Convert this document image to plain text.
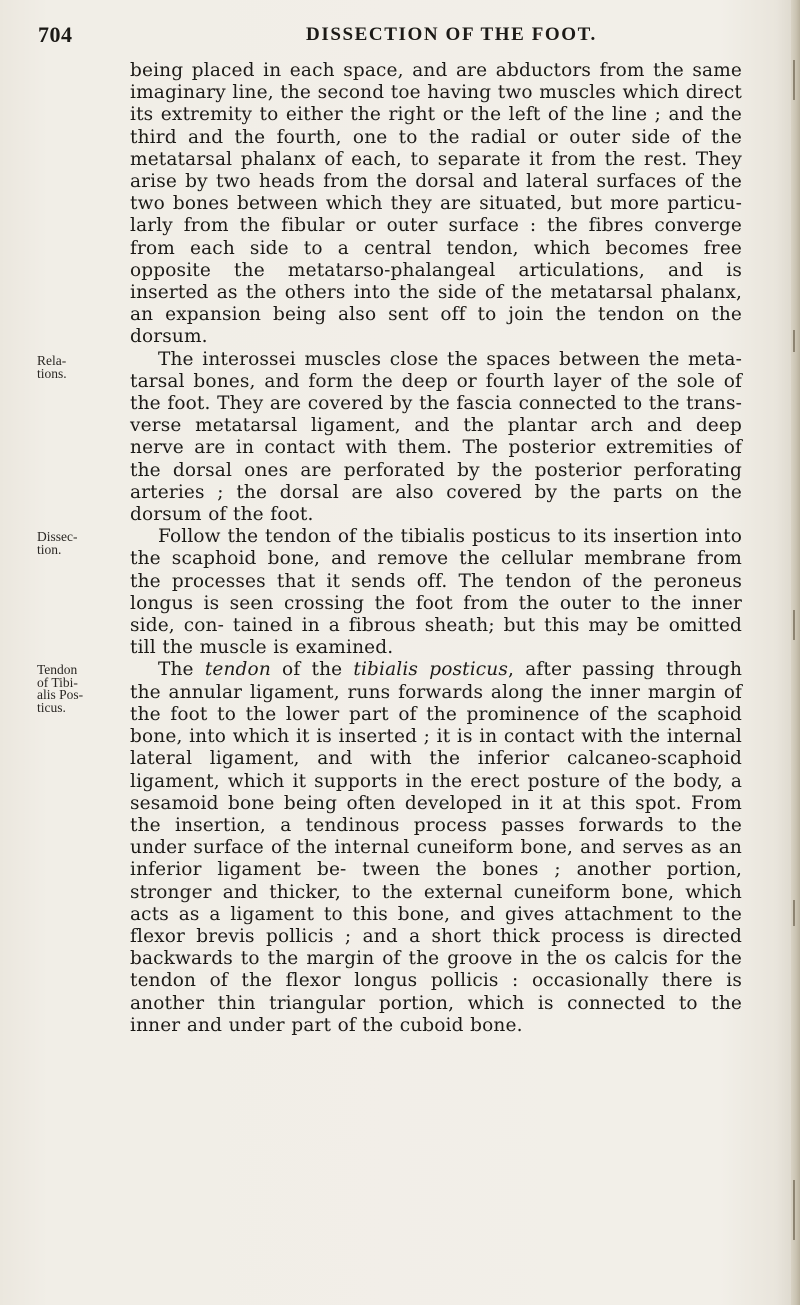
704	DISSECTION OF THE FOOT.
Rela-
tions.
Dissec-
tion.
Tendon
of Tibi-
alis Pos-
ticus.

being placed in each space, and are abductors from the same imaginary line, the second toe having two muscles which direct its extremity to either the right or the left of the line ; and the third and the fourth, one to the radial or outer side of the metatarsal phalanx of each, to separate it from the rest. They arise by two heads from the dorsal and lateral surfaces of the two bones between which they are situated, but more particu- larly from the fibular or outer surface : the fibres converge from each side to a central tendon, which becomes free opposite the metatarso-phalangeal articulations, and is inserted as the others into the side of the metatarsal phalanx, an expansion being also sent off to join the tendon on the dorsum.

The interossei muscles close the spaces between the meta- tarsal bones, and form the deep or fourth layer of the sole of the foot. They are covered by the fascia connected to the trans- verse metatarsal ligament, and the plantar arch and deep nerve are in contact with them. The posterior extremities of the dorsal ones are perforated by the posterior perforating arteries ; the dorsal are also covered by the parts on the dorsum of the foot.

Follow the tendon of the tibialis posticus to its insertion into the scaphoid bone, and remove the cellular membrane from the processes that it sends off. The tendon of the peroneus longus is seen crossing the foot from the outer to the inner side, con- tained in a fibrous sheath; but this may be omitted till the muscle is examined.

The tendon of the tibialis posticus, after passing through the annular ligament, runs forwards along the inner margin of the foot to the lower part of the prominence of the scaphoid bone, into which it is inserted ; it is in contact with the internal lateral ligament, and with the inferior calcaneo-scaphoid ligament, which it supports in the erect posture of the body, a sesamoid bone being often developed in it at this spot. From the insertion, a tendinous process passes forwards to the under surface of the internal cuneiform bone, and serves as an inferior ligament be- tween the bones ; another portion, stronger and thicker, to the external cuneiform bone, which acts as a ligament to this bone, and gives attachment to the flexor brevis pollicis ; and a short thick process is directed backwards to the margin of the groove in the os calcis for the tendon of the flexor longus pollicis : occasionally there is another thin triangular portion, which is connected to the inner and under part of the cuboid bone.
